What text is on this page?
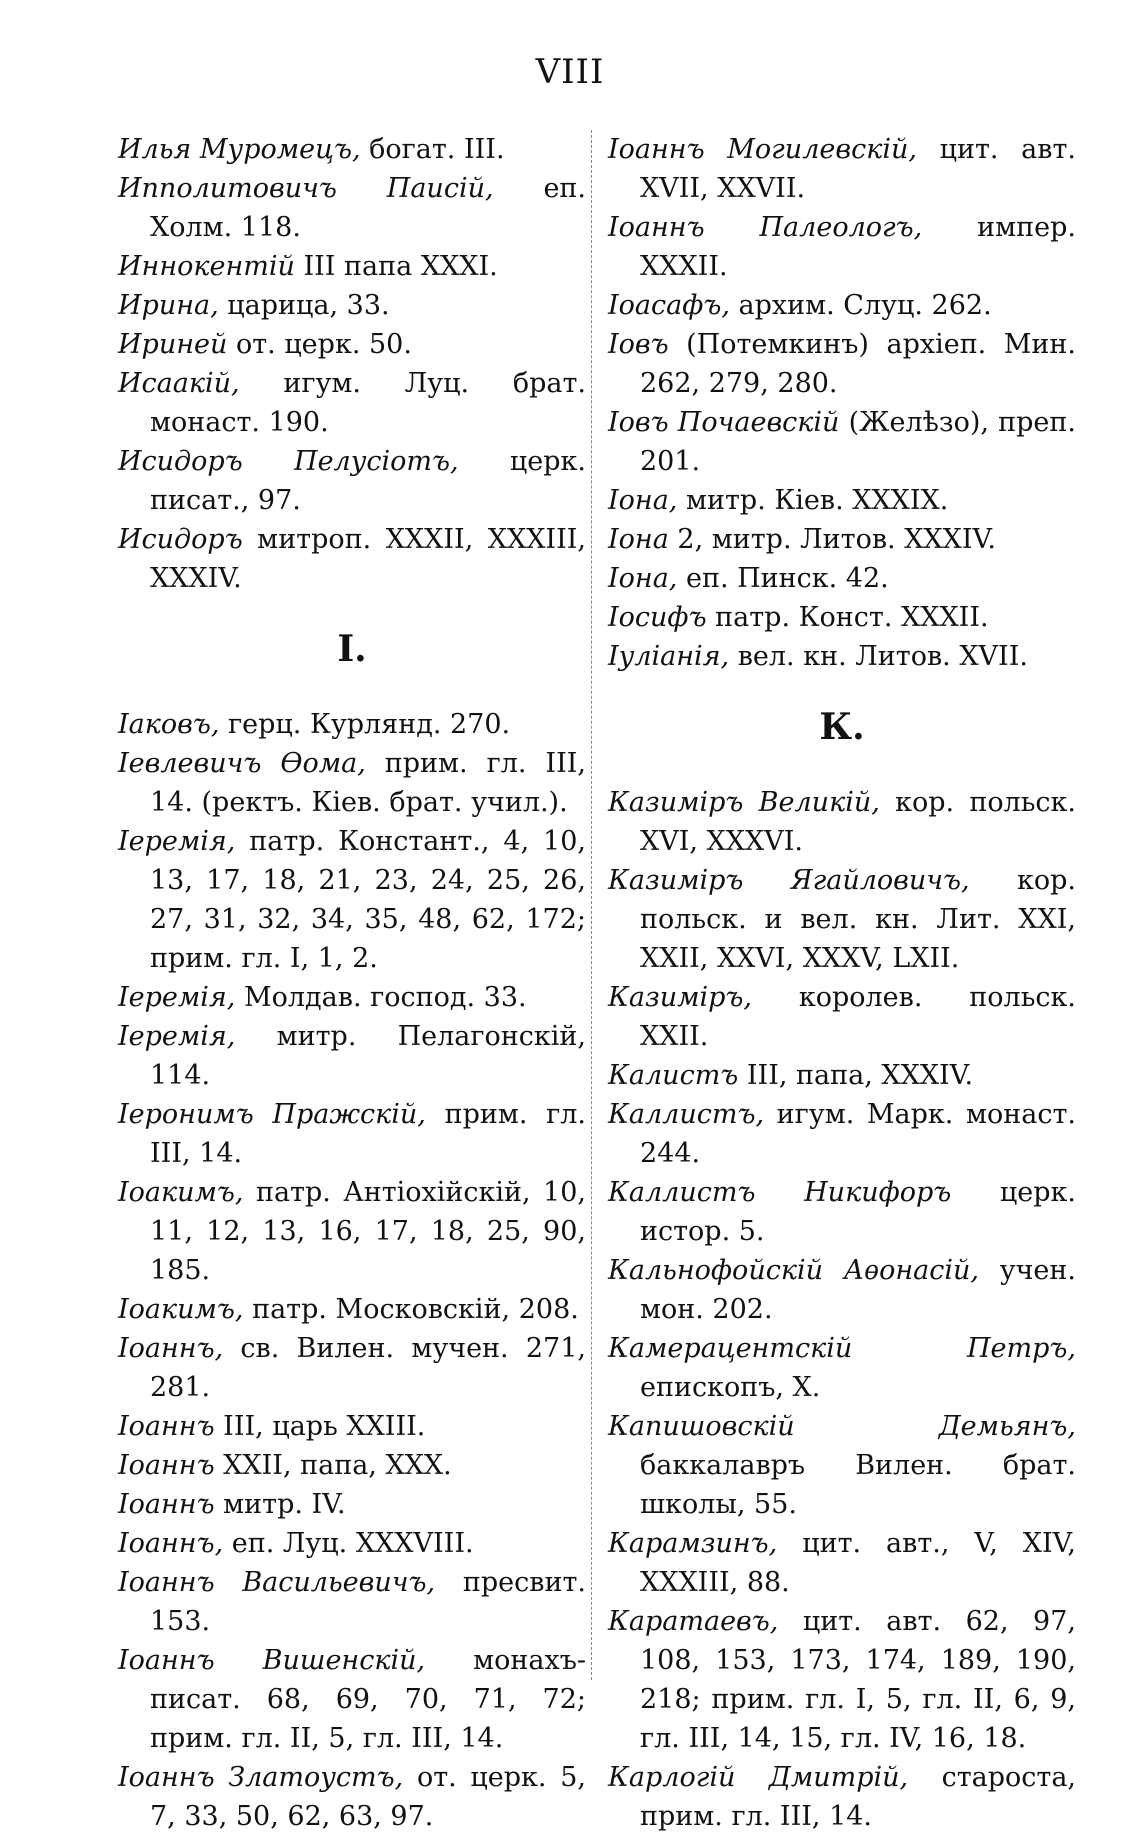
VIII
Илья Муромецъ, богат. III.
Ипполитовичъ Паисій, еп. Холм. 118.
Иннокентій III папа XXXI.
Ирина, царица, 33.
Ириней от. церк. 50.
Исаакій, игум. Луц. брат. монаст. 190.
Исидоръ Пелусіотъ, церк. писат., 97.
Исидоръ митроп. XXXII, XXXIII, XXXIV.
І.
Іаковъ, герц. Курлянд. 270.
Іевлевичъ Ѳома, прим. гл. III, 14. (ректъ. Кіев. брат. учил.).
Іеремія, патр. Констант., 4, 10, 13, 17, 18, 21, 23, 24, 25, 26, 27, 31, 32, 34, 35, 48, 62, 172; прим. гл. I, 1, 2.
Іеремія, Молдав. господ. 33.
Іеремія, митр. Пелагонскій, 114.
Іеронимъ Пражскій, прим. гл. III, 14.
Іоакимъ, патр. Антіохійскій, 10, 11, 12, 13, 16, 17, 18, 25, 90, 185.
Іоакимъ, патр. Московскій, 208.
Іоаннъ, св. Вилен. мучен. 271, 281.
Іоаннъ III, царь XXIII.
Іоаннъ XXII, папа, XXX.
Іоаннъ митр. IV.
Іоаннъ, еп. Луц. XXXVIII.
Іоаннъ Васильевичъ, пресвит. 153.
Іоаннъ Вишенскій, монахъ-писат. 68, 69, 70, 71, 72; прим. гл. II, 5, гл. III, 14.
Іоаннъ Златоустъ, от. церк. 5, 7, 33, 50, 62, 63, 97.
Іоаннъ Могилевскій, цит. авт. XVII, XXVII.
Іоаннъ Палеологъ, импер. XXXII.
Іоасафъ, архим. Слуц. 262.
Іовъ (Потемкинъ) архіеп. Мин. 262, 279, 280.
Іовъ Почаевскій (Желѣзо), преп. 201.
Іона, митр. Кіев. XXXIX.
Іона 2, митр. Литов. XXXIV.
Іона, еп. Пинск. 42.
Іосифъ патр. Конст. XXXII.
Іуліанія, вел. кн. Литов. XVII.
К.
Казиміръ Великій, кор. польск. XVI, XXXVI.
Казиміръ Ягайловичъ, кор. польск. и вел. кн. Лит. XXI, XXII, XXVI, XXXV, LXII.
Казиміръ, королев. польск. XXII.
Калистъ III, папа, XXXIV.
Каллистъ, игум. Марк. монаст. 244.
Каллистъ Никифоръ церк. истор. 5.
Кальнофойскій Аѳонасій, учен. мон. 202.
Камерацентскій Петръ, епископъ, X.
Капишовскій Демьянъ, баккалавръ Вилен. брат. школы, 55.
Карамзинъ, цит. авт., V, XIV, XXXIII, 88.
Каратаевъ, цит. авт. 62, 97, 108, 153, 173, 174, 189, 190, 218; прим. гл. I, 5, гл. II, 6, 9, гл. III, 14, 15, гл. IV, 16, 18.
Карлогій Дмитрій, староста, прим. гл. III, 14.
